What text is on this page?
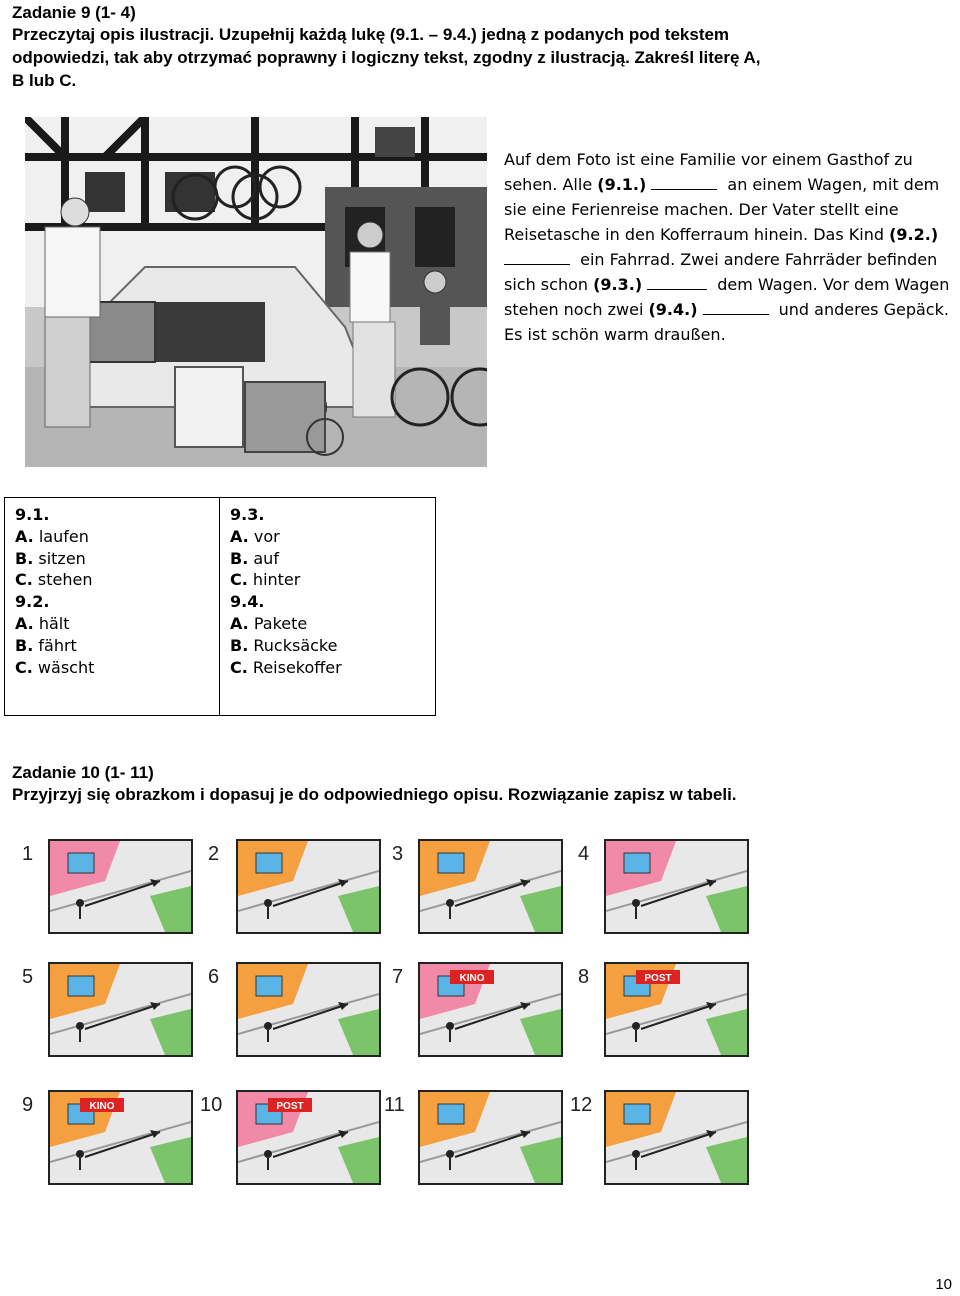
Zadanie 9 (1- 4)
Przeczytaj opis ilustracji. Uzupełnij każdą lukę (9.1. – 9.4.) jedną z podanych pod tekstem odpowiedzi, tak aby otrzymać poprawny i logiczny tekst, zgodny z ilustracją. Zakreśl literę A, B lub C.
Auf dem Foto ist eine Familie vor einem Gasthof zu sehen. Alle (9.1.)	an einem Wagen, mit dem sie eine Ferienreise machen. Der Vater stellt eine Reisetasche in den Kofferraum hinein. Das Kind (9.2.)
ein Fahrrad. Zwei andere Fahrräder befinden sich schon (9.3.)	dem Wagen. Vor dem Wagen stehen noch zwei (9.4.)	und anderes Gepäck. Es ist schön warm draußen.
9.1.
A. laufen
B. sitzen
C. stehen
9.2.
A. hält
B. fährt
C. wäscht
9.3.
A. vor
B. auf
C. hinter
9.4.
A. Pakete
B. Rucksäcke
C. Reisekoffer
Zadanie 10 (1- 11)
Przyjrzyj się obrazkom i dopasuj je do odpowiedniego opisu. Rozwiązanie zapisz w tabeli.
1	2	3	4
5	6	7	KINO	8	POST
9	KINO	10	POST	11	12
10
